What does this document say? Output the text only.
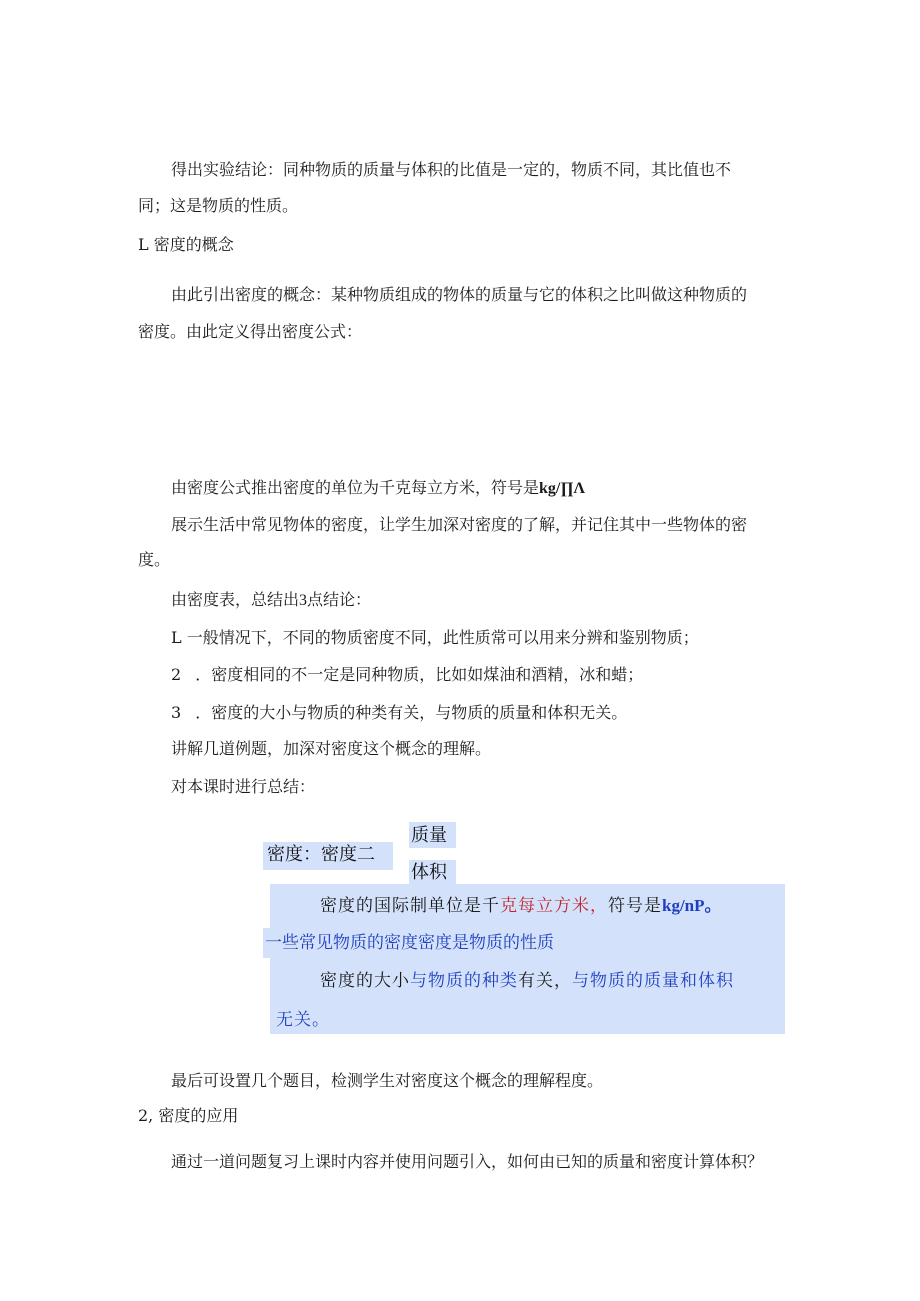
得出实验结论：同种物质的质量与体积的比值是一定的，物质不同，其比值也不
同；这是物质的性质。
L 密度的概念
由此引出密度的概念：某种物质组成的物体的质量与它的体积之比叫做这种物质的
密度。由此定义得出密度公式：
由密度公式推出密度的单位为千克每立方米，符号是kg/∏Λ
展示生活中常见物体的密度，让学生加深对密度的了解，并记住其中一些物体的密
度。
由密度表，总结出3点结论：
L 一般情况下，不同的物质密度不同，此性质常可以用来分辨和鉴别物质；
2 ．密度相同的不一定是同种物质，比如如煤油和酒精，冰和蜡；
3 ．密度的大小与物质的种类有关，与物质的质量和体积无关。
讲解几道例题，加深对密度这个概念的理解。
对本课时进行总结：
密度：密度二
质量
体积
密度的国际制单位是千克每立方米，符号是kg/nP。
一些常见物质的密度密度是物质的性质
密度的大小与物质的种类有关，与物质的质量和体积
无关。
最后可设置几个题目，检测学生对密度这个概念的理解程度。
2, 密度的应用
通过一道问题复习上课时内容并使用问题引入，如何由已知的质量和密度计算体积？
